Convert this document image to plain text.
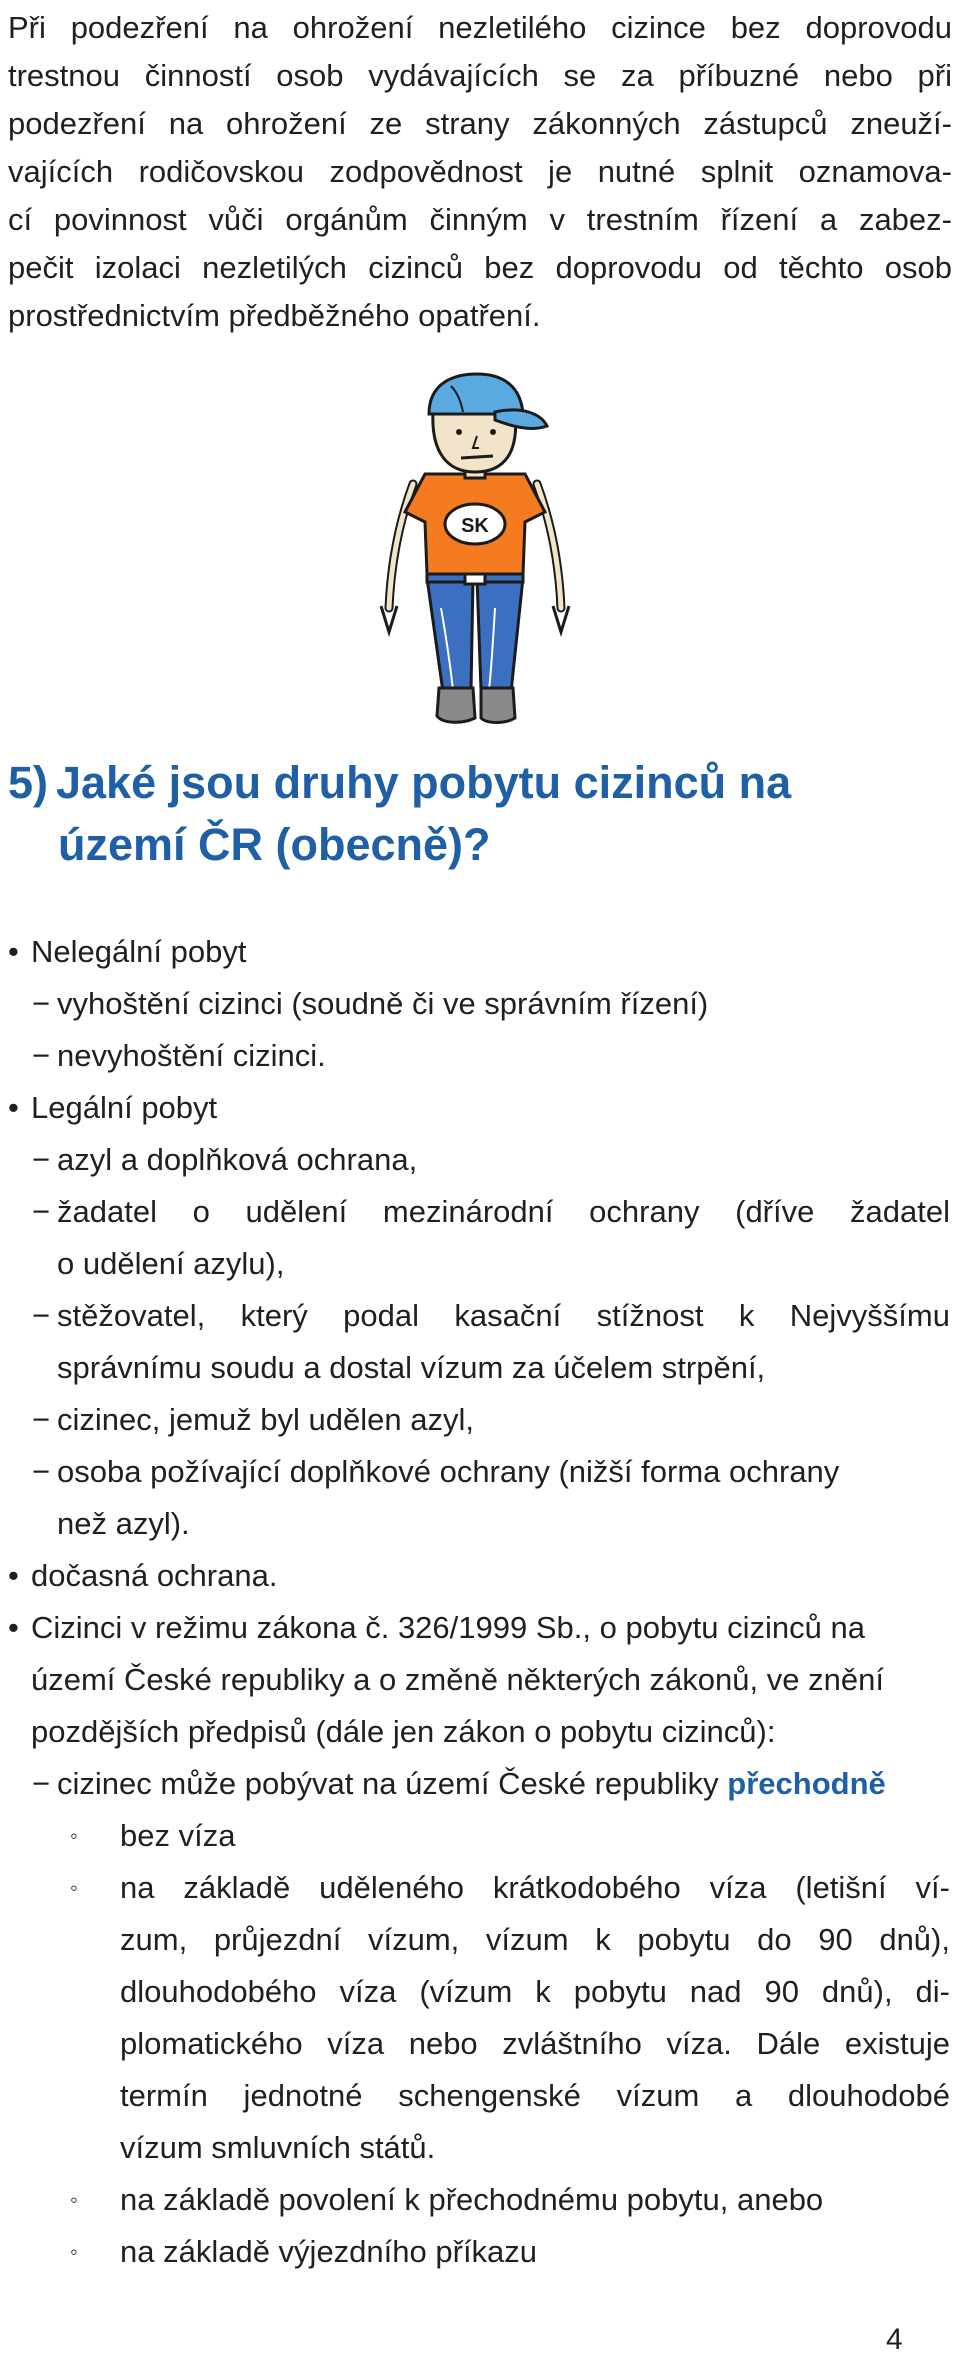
Při podezření na ohrožení nezletilého cizince bez doprovodu
trestnou činností osob vydávajících se za příbuzné nebo při
podezření na ohrožení ze strany zákonných zástupců zneuží-
vajících rodičovskou zodpovědnost je nutné splnit oznamova-
cí povinnost vůči orgánům činným v trestním řízení a zabez-
pečit izolaci nezletilých cizinců bez doprovodu od těchto osob
prostřednictvím předběžného opatření.
SK
5) Jaké jsou druhy pobytu cizinců na
území ČR (obecně)?
• Nelegální pobyt
− vyhoštění cizinci (soudně či ve správním řízení)
− nevyhoštění cizinci.
• Legální pobyt
− azyl a doplňková ochrana,
− žadatel o udělení mezinárodní ochrany (dříve žadatel
o udělení azylu),
− stěžovatel, který podal kasační stížnost k Nejvyššímu
správnímu soudu a dostal vízum za účelem strpění,
− cizinec, jemuž byl udělen azyl,
− osoba požívající doplňkové ochrany (nižší forma ochrany
než azyl).
• dočasná ochrana.
• Cizinci v režimu zákona č. 326/1999 Sb., o pobytu cizinců na
území České republiky a o změně některých zákonů, ve znění
pozdějších předpisů (dále jen zákon o pobytu cizinců):
− cizinec může pobývat na území České republiky přechodně
◦ bez víza
◦ na základě uděleného krátkodobého víza (letišní ví-
zum, průjezdní vízum, vízum k pobytu do 90 dnů),
dlouhodobého víza (vízum k pobytu nad 90 dnů), di-
plomatického víza nebo zvláštního víza. Dále existuje
termín jednotné schengenské vízum a dlouhodobé
vízum smluvních států.
◦ na základě povolení k přechodnému pobytu, anebo
◦ na základě výjezdního příkazu
4
